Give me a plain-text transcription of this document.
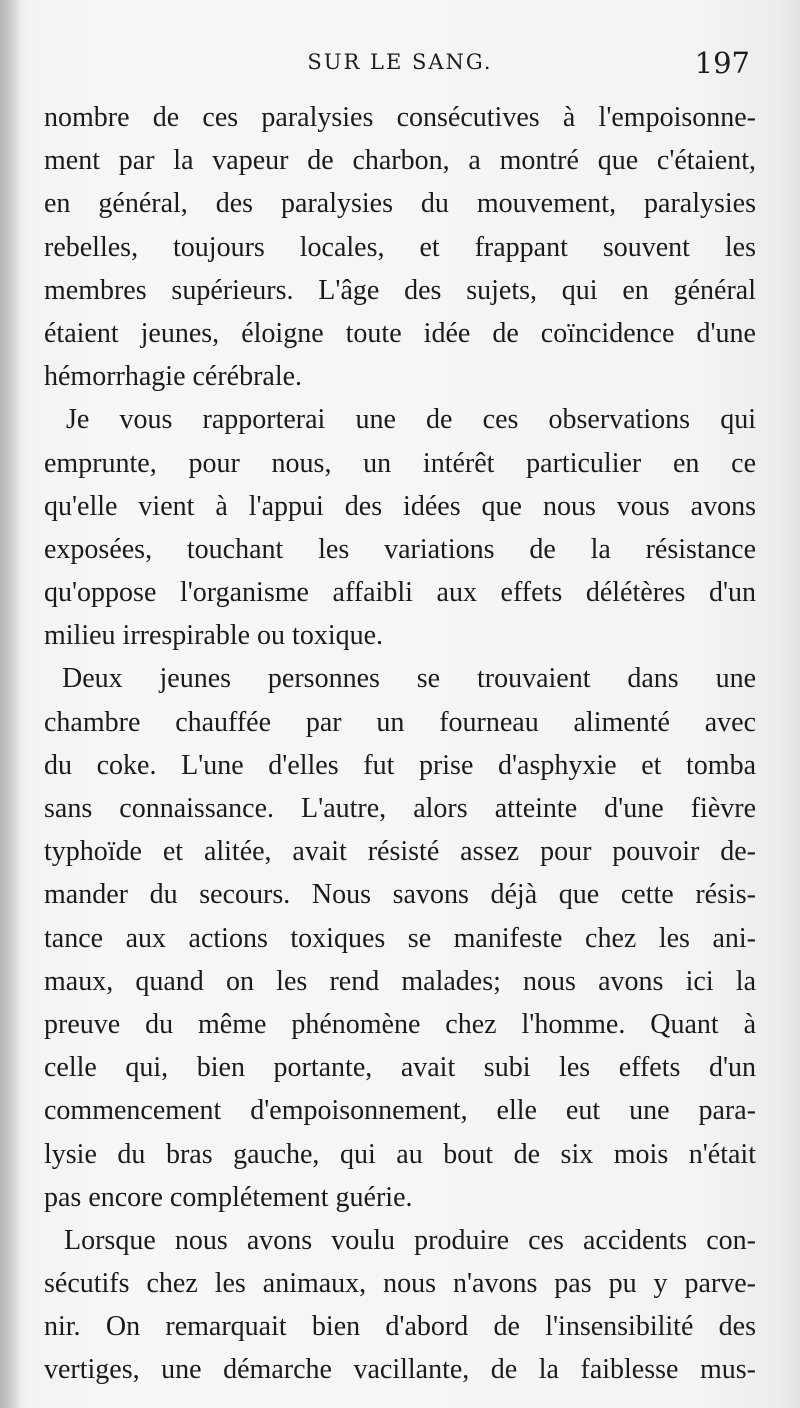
SUR LE SANG.	197
nombre de ces paralysies consécutives à l'empoisonne-
ment par la vapeur de charbon, a montré que c'étaient,
en général, des paralysies du mouvement, paralysies
rebelles, toujours locales, et frappant souvent les
membres supérieurs. L'âge des sujets, qui en général
étaient jeunes, éloigne toute idée de coïncidence d'une
hémorrhagie cérébrale.
Je vous rapporterai une de ces observations qui
emprunte, pour nous, un intérêt particulier en ce
qu'elle vient à l'appui des idées que nous vous avons
exposées, touchant les variations de la résistance
qu'oppose l'organisme affaibli aux effets délétères d'un
milieu irrespirable ou toxique.
Deux jeunes personnes se trouvaient dans une
chambre chauffée par un fourneau alimenté avec
du coke. L'une d'elles fut prise d'asphyxie et tomba
sans connaissance. L'autre, alors atteinte d'une fièvre
typhoïde et alitée, avait résisté assez pour pouvoir de-
mander du secours. Nous savons déjà que cette résis-
tance aux actions toxiques se manifeste chez les ani-
maux, quand on les rend malades; nous avons ici la
preuve du même phénomène chez l'homme. Quant à
celle qui, bien portante, avait subi les effets d'un
commencement d'empoisonnement, elle eut une para-
lysie du bras gauche, qui au bout de six mois n'était
pas encore complétement guérie.
Lorsque nous avons voulu produire ces accidents con-
sécutifs chez les animaux, nous n'avons pas pu y parve-
nir. On remarquait bien d'abord de l'insensibilité des
vertiges, une démarche vacillante, de la faiblesse mus-
